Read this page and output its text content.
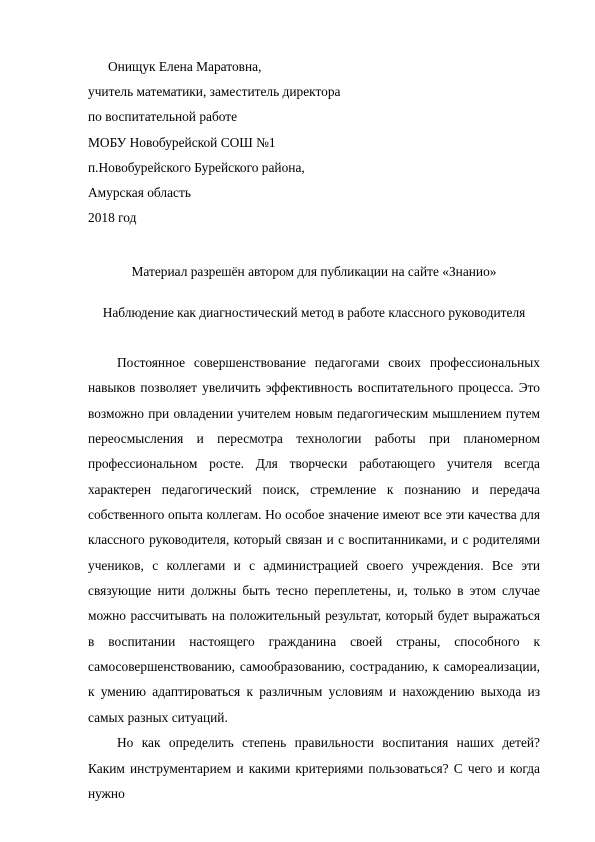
Онищук Елена Маратовна,
учитель математики, заместитель директора
по воспитательной работе
МОБУ Новобурейской СОШ №1
п.Новобурейского Бурейского района,
Амурская область
2018 год
Материал разрешён автором для публикации на сайте «Знанио»
Наблюдение как диагностический метод в работе классного руководителя

Постоянное совершенствование педагогами своих профессиональных навыков позволяет увеличить эффективность воспитательного процесса. Это возможно при овладении учителем новым педагогическим мышлением путем переосмысления и пересмотра технологии работы при планомерном профессиональном росте. Для творчески работающего учителя всегда характерен педагогический поиск, стремление к познанию и передача собственного опыта коллегам. Но особое значение имеют все эти качества для классного руководителя, который связан и с воспитанниками, и с родителями учеников, с коллегами и с администрацией своего учреждения. Все эти связующие нити должны быть тесно переплетены, и, только в этом случае можно рассчитывать на положительный результат, который будет выражаться в воспитании настоящего гражданина своей страны, способного к самосовершенствованию, самообразованию, состраданию, к самореализации, к умению адаптироваться к различным условиям и нахождению выхода из самых разных ситуаций.

Но как определить степень правильности воспитания наших детей? Каким инструментарием и какими критериями пользоваться? С чего и когда нужно
